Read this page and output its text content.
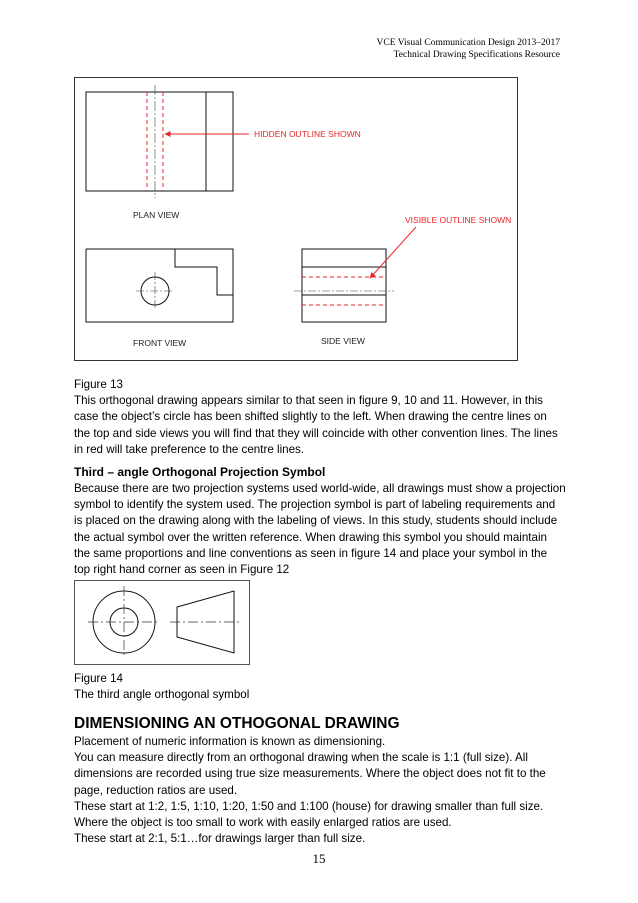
VCE Visual Communication Design 2013–2017
Technical Drawing Specifications Resource
HIDDEN OUTLINE SHOWN
PLAN VIEW
FRONT VIEW
VISIBLE OUTLINE SHOWN
SIDE VIEW

Figure 13

This orthogonal drawing appears similar to that seen in figure 9, 10 and 11. However, in this case the object’s circle has been shifted slightly to the left. When drawing the centre lines on the top and side views you will find that they will coincide with other convention lines. The lines in red will take preference to the centre lines.

Third – angle Orthogonal Projection Symbol
Because there are two projection systems used world-wide, all drawings must show a projection symbol to identify the system used. The projection symbol is part of labeling requirements and is placed on the drawing along with the labeling of views. In this study, students should include the actual symbol over the written reference. When drawing this symbol you should maintain the same proportions and line conventions as seen in figure 14 and place your symbol in the top right hand corner as seen in Figure 12

Figure 14

The third angle orthogonal symbol

DIMENSIONING AN OTHOGONAL DRAWING

Placement of numeric information is known as dimensioning.

You can measure directly from an orthogonal drawing when the scale is 1:1 (full size). All dimensions are recorded using true size measurements. Where the object does not fit to the page, reduction ratios are used.

These start at 1:2, 1:5, 1:10, 1:20, 1:50 and 1:100 (house) for drawing smaller than full size.

Where the object is too small to work with easily enlarged ratios are used.

These start at 2:1, 5:1…for drawings larger than full size.

15
